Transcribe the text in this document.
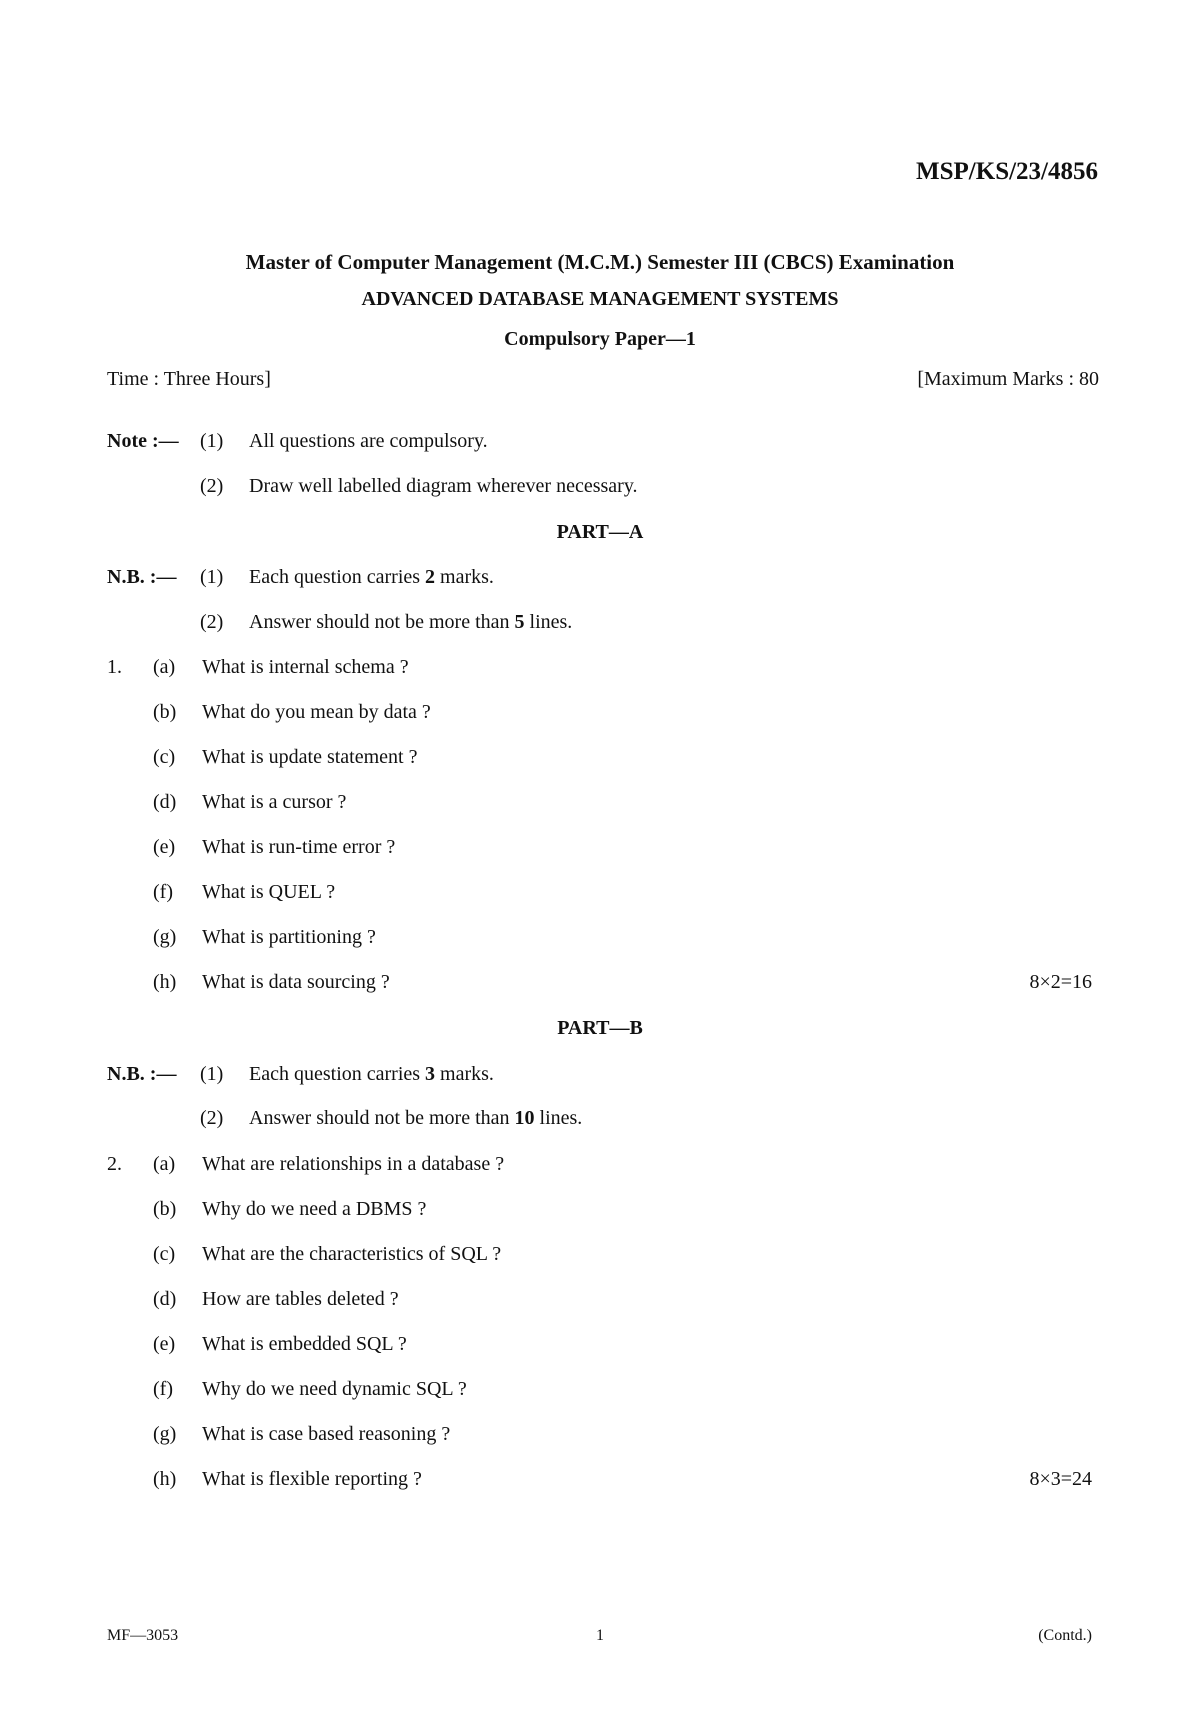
MSP/KS/23/4856
Master of Computer Management (M.C.M.) Semester III (CBCS) Examination
ADVANCED DATABASE MANAGEMENT SYSTEMS
Compulsory Paper—1
Time : Three Hours]	[Maximum Marks : 80
Note :— (1) All questions are compulsory.
(2) Draw well labelled diagram wherever necessary.
PART—A
N.B. :— (1) Each question carries 2 marks.
(2) Answer should not be more than 5 lines.
1. (a) What is internal schema ?
(b) What do you mean by data ?
(c) What is update statement ?
(d) What is a cursor ?
(e) What is run-time error ?
(f) What is QUEL ?
(g) What is partitioning ?
(h) What is data sourcing ?	8×2=16
PART—B
N.B. :— (1) Each question carries 3 marks.
(2) Answer should not be more than 10 lines.
2. (a) What are relationships in a database ?
(b) Why do we need a DBMS ?
(c) What are the characteristics of SQL ?
(d) How are tables deleted ?
(e) What is embedded SQL ?
(f) Why do we need dynamic SQL ?
(g) What is case based reasoning ?
(h) What is flexible reporting ?	8×3=24
MF—3053	1	(Contd.)
